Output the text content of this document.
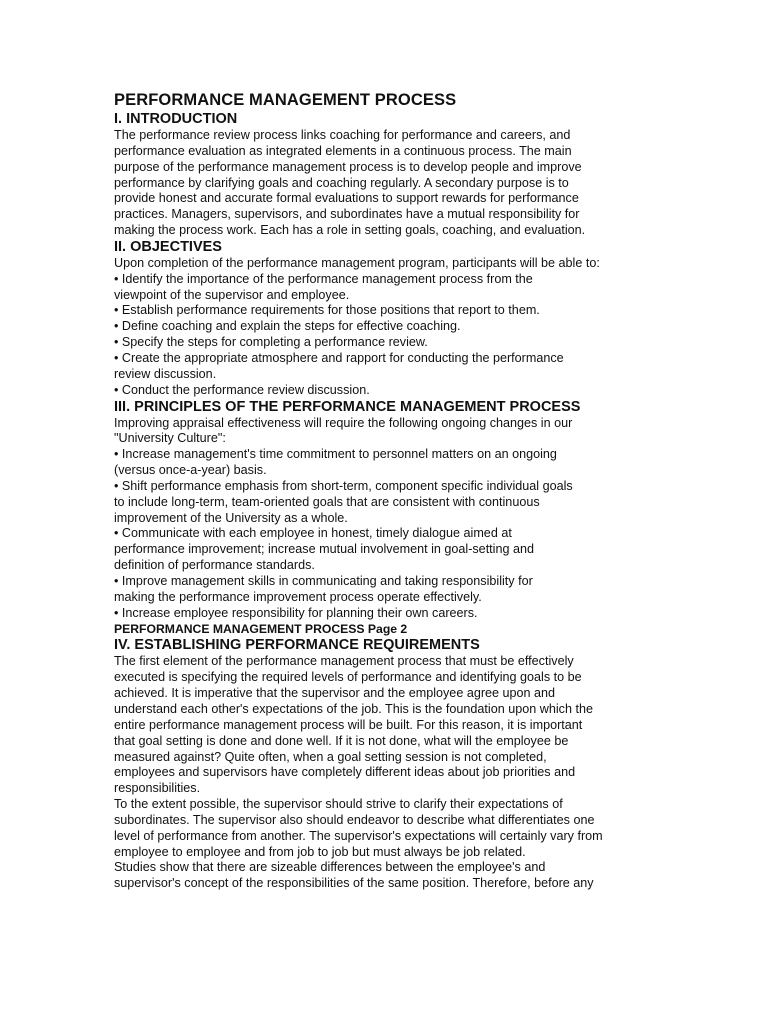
PERFORMANCE MANAGEMENT PROCESS
I. INTRODUCTION

The performance review process links coaching for performance and careers, and

performance evaluation as integrated elements in a continuous process. The main

purpose of the performance management process is to develop people and improve

performance by clarifying goals and coaching regularly. A secondary purpose is to

provide honest and accurate formal evaluations to support rewards for performance

practices. Managers, supervisors, and subordinates have a mutual responsibility for

making the process work. Each has a role in setting goals, coaching, and evaluation.

II. OBJECTIVES

Upon completion of the performance management program, participants will be able to:

• Identify the importance of the performance management process from the

viewpoint of the supervisor and employee.

• Establish performance requirements for those positions that report to them.

• Define coaching and explain the steps for effective coaching.

• Specify the steps for completing a performance review.

• Create the appropriate atmosphere and rapport for conducting the performance

review discussion.

• Conduct the performance review discussion.

III. PRINCIPLES OF THE PERFORMANCE MANAGEMENT PROCESS

Improving appraisal effectiveness will require the following ongoing changes in our

"University Culture":

• Increase management's time commitment to personnel matters on an ongoing

(versus once-a-year) basis.

• Shift performance emphasis from short-term, component specific individual goals

to include long-term, team-oriented goals that are consistent with continuous

improvement of the University as a whole.

• Communicate with each employee in honest, timely dialogue aimed at

performance improvement; increase mutual involvement in goal-setting and

definition of performance standards.

• Improve management skills in communicating and taking responsibility for

making the performance improvement process operate effectively.

• Increase employee responsibility for planning their own careers.

PERFORMANCE MANAGEMENT PROCESS Page 2

IV. ESTABLISHING PERFORMANCE REQUIREMENTS

The first element of the performance management process that must be effectively

executed is specifying the required levels of performance and identifying goals to be

achieved. It is imperative that the supervisor and the employee agree upon and

understand each other's expectations of the job. This is the foundation upon which the

entire performance management process will be built. For this reason, it is important

that goal setting is done and done well. If it is not done, what will the employee be

measured against? Quite often, when a goal setting session is not completed,

employees and supervisors have completely different ideas about job priorities and

responsibilities.

To the extent possible, the supervisor should strive to clarify their expectations of

subordinates. The supervisor also should endeavor to describe what differentiates one

level of performance from another. The supervisor's expectations will certainly vary from

employee to employee and from job to job but must always be job related.

Studies show that there are sizeable differences between the employee's and

supervisor's concept of the responsibilities of the same position. Therefore, before any
